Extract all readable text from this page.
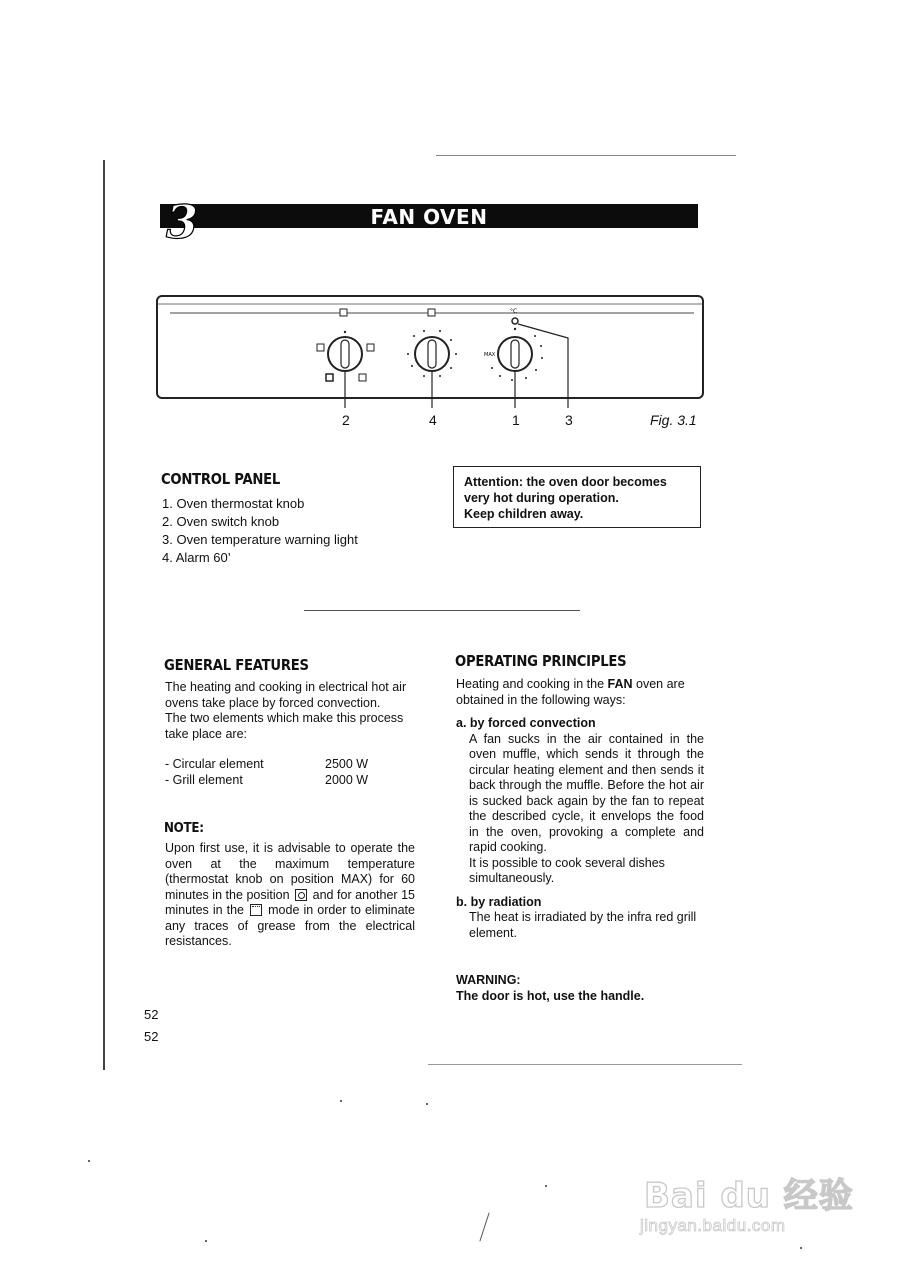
FAN OVEN
3
°C
MAX
2	4	1	3	Fig. 3.1
CONTROL PANEL
1. Oven thermostat knob
2. Oven switch knob
3. Oven temperature warning light
4. Alarm 60’
Attention: the oven door becomes
very hot during operation.
Keep children away.
GENERAL FEATURES

The heating and cooking in electrical hot air ovens take place by forced convection.

The two elements which make this process take place are:

- Circular element	2500 W
- Grill element	2000 W
NOTE:
Upon first use, it is advisable to operate the oven at the maximum temperature (thermostat knob on position MAX) for 60 minutes in the position and for another 15 minutes in the mode in order to eliminate any traces of grease from the electrical resistances.
OPERATING PRINCIPLES

Heating and cooking in the FAN oven are obtained in the following ways:

a. by forced convection

A fan sucks in the air contained in the oven muffle, which sends it through the circular heating element and then sends it back through the muffle. Before the hot air is sucked back again by the fan to repeat the described cycle, it envelops the food in the oven, provoking a complete and rapid cooking.

It is possible to cook several dishes simultaneously.

b. by radiation

The heat is irradiated by the infra red grill element.

WARNING:

The door is hot, use the handle.

52
52
Bai du 经验
jingyan.baidu.com
